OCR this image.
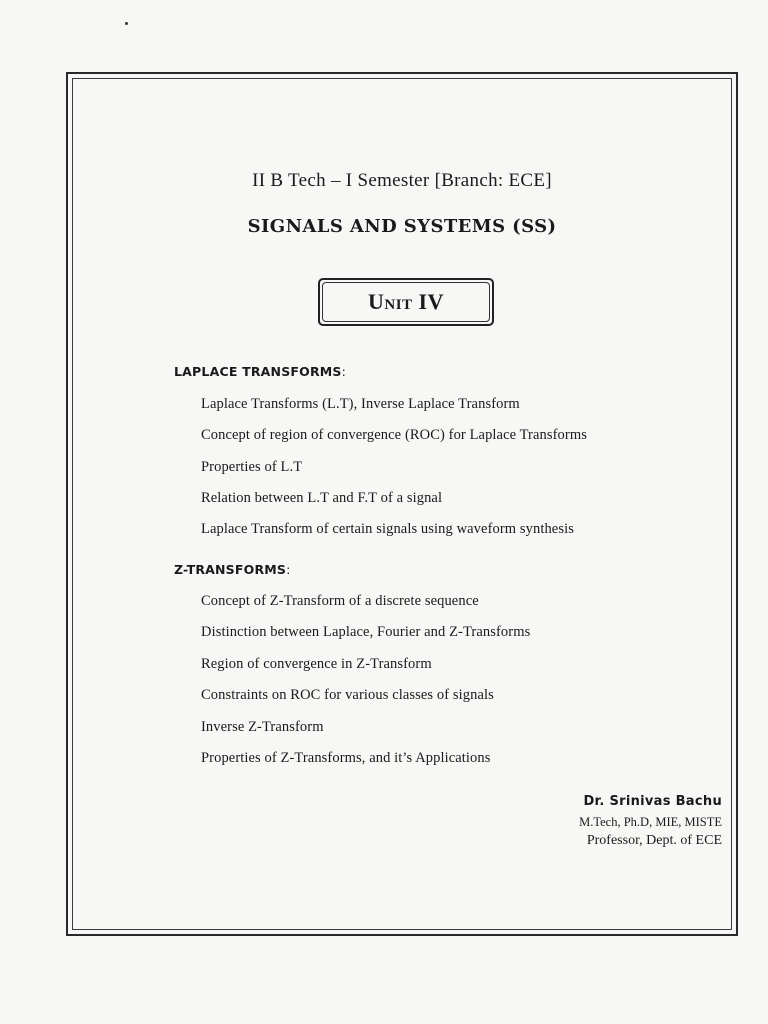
II B Tech – I Semester [Branch: ECE]
SIGNALS AND SYSTEMS (SS)
Unit IV
LAPLACE TRANSFORMS:
Laplace Transforms (L.T), Inverse Laplace Transform
Concept of region of convergence (ROC) for Laplace Transforms
Properties of L.T
Relation between L.T and F.T of a signal
Laplace Transform of certain signals using waveform synthesis
Z-TRANSFORMS:
Concept of Z-Transform of a discrete sequence
Distinction between Laplace, Fourier and Z-Transforms
Region of convergence in Z-Transform
Constraints on ROC for various classes of signals
Inverse Z-Transform
Properties of Z-Transforms, and it’s Applications
Dr. Srinivas Bachu
M.Tech, Ph.D, MIE, MISTE
Professor, Dept. of ECE
